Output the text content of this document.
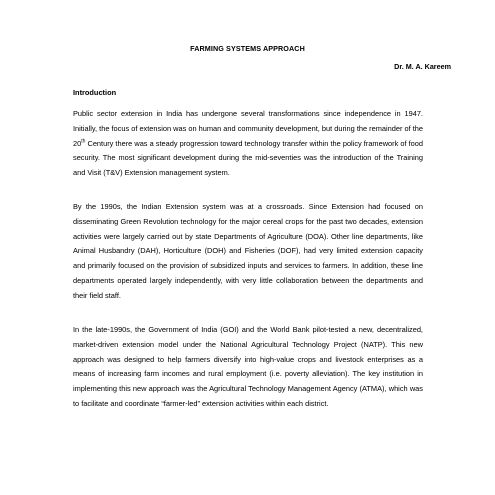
FARMING SYSTEMS APPROACH
Dr. M. A. Kareem
Introduction
Public sector extension in India has undergone several transformations since independence in 1947. Initially, the focus of extension was on human and community development, but during the remainder of the 20th Century there was a steady progression toward technology transfer within the policy framework of food security. The most significant development during the mid-seventies was the introduction of the Training and Visit (T&V) Extension management system.
By the 1990s, the Indian Extension system was at a crossroads. Since Extension had focused on disseminating Green Revolution technology for the major cereal crops for the past two decades, extension activities were largely carried out by state Departments of Agriculture (DOA). Other line departments, like Animal Husbandry (DAH), Horticulture (DOH) and Fisheries (DOF), had very limited extension capacity and primarily focused on the provision of subsidized inputs and services to farmers. In addition, these line departments operated largely independently, with very little collaboration between the departments and their field staff.
In the late-1990s, the Government of India (GOI) and the World Bank pilot-tested a new, decentralized, market-driven extension model under the National Agricultural Technology Project (NATP). This new approach was designed to help farmers diversify into high-value crops and livestock enterprises as a means of increasing farm incomes and rural employment (i.e. poverty alleviation). The key institution in implementing this new approach was the Agricultural Technology Management Agency (ATMA), which was to facilitate and coordinate “farmer-led” extension activities within each district.
